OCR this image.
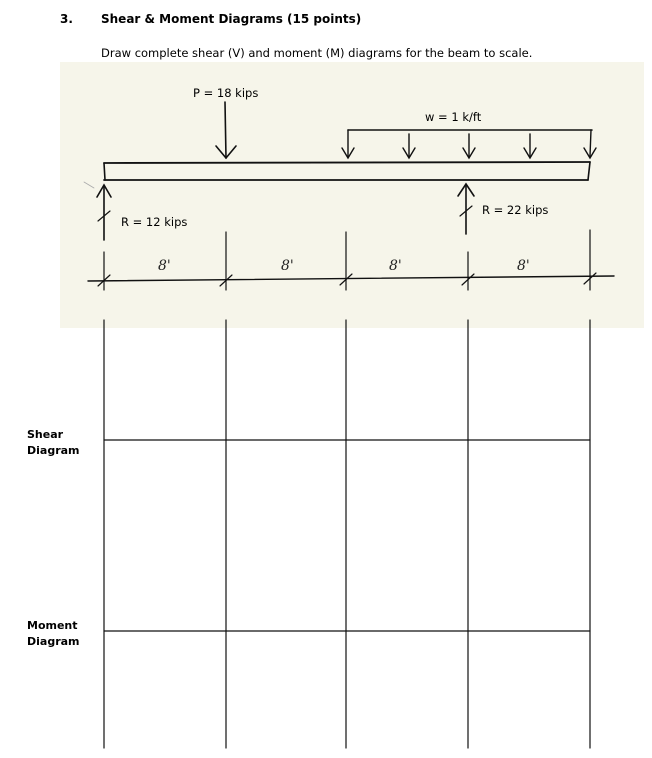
3. Shear & Moment Diagrams (15 points)
Draw complete shear (V) and moment (M) diagrams for the beam to scale.
P = 18 kips
w = 1 k/ft
R = 12 kips
R = 22 kips
8'	8'	8'	8'
Shear
Diagram
Moment
Diagram
